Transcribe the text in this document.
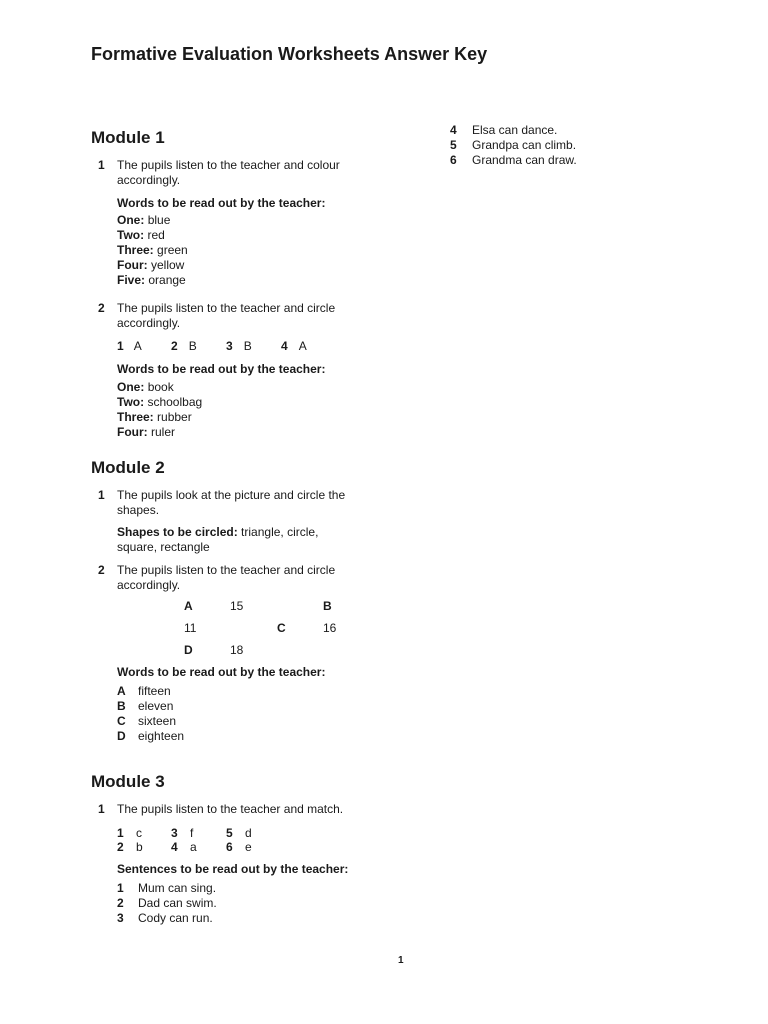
Formative Evaluation Worksheets Answer Key
Module 1
1 The pupils listen to the teacher and colour
accordingly.
Words to be read out by the teacher:
One: blue
Two: red
Three: green
Four: yellow
Five: orange
2 The pupils listen to the teacher and circle
accordingly.
1 A 2 B 3 B 4 A
Words to be read out by the teacher:
One: book
Two: schoolbag
Three: rubber
Four: ruler
Module 2
1 The pupils look at the picture and circle the
shapes.
Shapes to be circled: triangle, circle,
square, rectangle
2 The pupils listen to the teacher and circle
accordingly.
A	15	B
11	C	16
D	18
Words to be read out by the teacher:
A fifteen
B eleven
C sixteen
D eighteen
Module 3
1 The pupils listen to the teacher and match.
1 c 3 f	5 d
2 b 4 a 6 e
Sentences to be read out by the teacher:
1 Mum can sing.
2 Dad can swim.
3 Cody can run.
4 Elsa can dance.
5 Grandpa can climb.
6 Grandma can draw.
1
